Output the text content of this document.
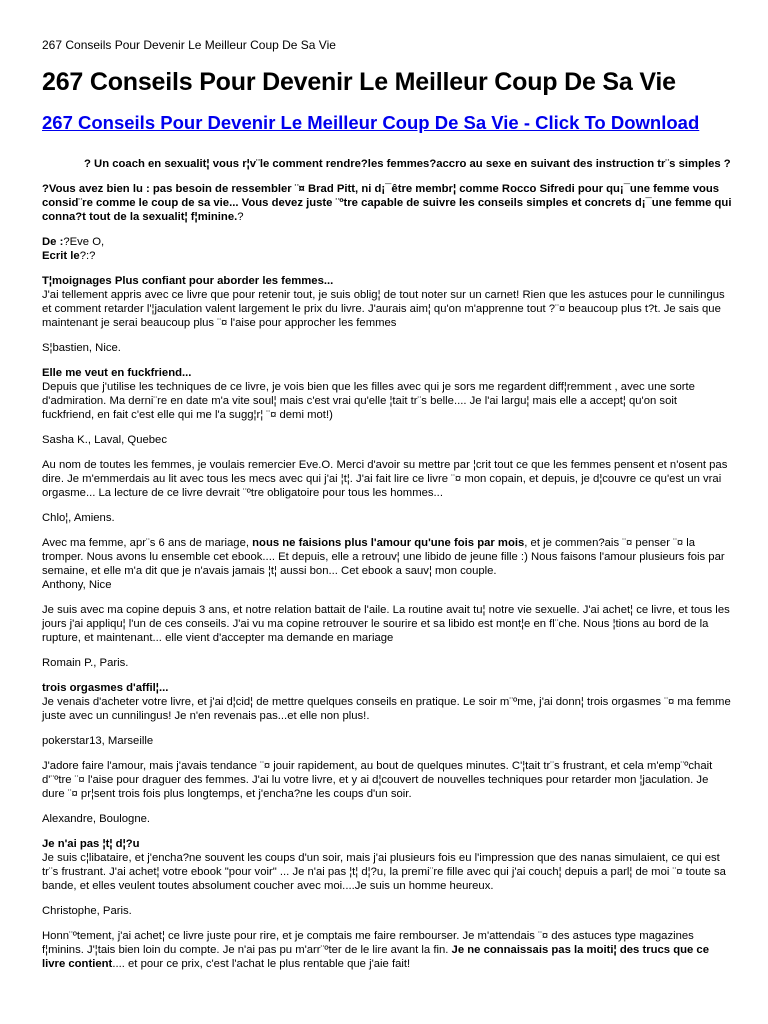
267 Conseils Pour Devenir Le Meilleur Coup De Sa Vie

267 Conseils Pour Devenir Le Meilleur Coup De Sa Vie
267 Conseils Pour Devenir Le Meilleur Coup De Sa Vie - Click To Download

? Un coach en sexualit¦ vous r¦v¨le comment rendre?les femmes?accro au sexe en suivant des instruction tr¨s simples ?

?Vous avez bien lu : pas besoin de ressembler ¨¤ Brad Pitt, ni d¡¯être membr¦ comme Rocco Sifredi pour qu¡¯une femme vous consid¨re comme le coup de sa vie... Vous devez juste ¨ºtre capable de suivre les conseils simples et concrets d¡¯une femme qui conna?t tout de la sexualit¦ f¦minine.?

De :?Eve O,

Ecrit le?:?

T¦moignages Plus confiant pour aborder les femmes...

J'ai tellement appris avec ce livre que pour retenir tout, je suis oblig¦ de tout noter sur un carnet! Rien que les astuces pour le cunnilingus et comment retarder l'¦jaculation valent largement le prix du livre. J'aurais aim¦ qu'on m'apprenne tout ?¨¤ beaucoup plus t?t. Je sais que maintenant je serai beaucoup plus ¨¤ l'aise pour approcher les femmes

S¦bastien, Nice.

Elle me veut en fuckfriend...

Depuis que j'utilise les techniques de ce livre, je vois bien que les filles avec qui je sors me regardent diff¦remment , avec une sorte d'admiration. Ma derni¨re en date m'a vite soul¦ mais c'est vrai qu'elle ¦tait tr¨s belle.... Je l'ai largu¦ mais elle a accept¦ qu'on soit fuckfriend, en fait c'est elle qui me l'a sugg¦r¦ ¨¤ demi mot!)

Sasha K., Laval, Quebec

Au nom de toutes les femmes, je voulais remercier Eve.O. Merci d'avoir su mettre par ¦crit tout ce que les femmes pensent et n'osent pas dire. Je m'emmerdais au lit avec tous les mecs avec qui j'ai ¦t¦. J'ai fait lire ce livre ¨¤ mon copain, et depuis, je d¦couvre ce qu'est un vrai orgasme... La lecture de ce livre devrait ¨ºtre obligatoire pour tous les hommes...

Chlo¦, Amiens.

Avec ma femme, apr¨s 6 ans de mariage, nous ne faisions plus l'amour qu'une fois par mois, et je commen?ais ¨¤ penser ¨¤ la tromper. Nous avons lu ensemble cet ebook.... Et depuis, elle a retrouv¦ une libido de jeune fille :) Nous faisons l'amour plusieurs fois par semaine, et elle m'a dit que je n'avais jamais ¦t¦ aussi bon... Cet ebook a sauv¦ mon couple.

Anthony, Nice

Je suis avec ma copine depuis 3 ans, et notre relation battait de l'aile. La routine avait tu¦ notre vie sexuelle. J'ai achet¦ ce livre, et tous les jours j'ai appliqu¦ l'un de ces conseils. J'ai vu ma copine retrouver le sourire et sa libido est mont¦e en fl¨che. Nous ¦tions au bord de la rupture, et maintenant... elle vient d'accepter ma demande en mariage

Romain P., Paris.

trois orgasmes d'affil¦...

Je venais d'acheter votre livre, et j'ai d¦cid¦ de mettre quelques conseils en pratique. Le soir m¨ºme, j'ai donn¦ trois orgasmes ¨¤ ma femme juste avec un cunnilingus! Je n'en revenais pas...et elle non plus!.

pokerstar13, Marseille

J'adore faire l'amour, mais j'avais tendance ¨¤ jouir rapidement, au bout de quelques minutes. C'¦tait tr¨s frustrant, et cela m'emp¨ºchait d'¨ºtre ¨¤ l'aise pour draguer des femmes. J'ai lu votre livre, et y ai d¦couvert de nouvelles techniques pour retarder mon ¦jaculation. Je dure ¨¤ pr¦sent trois fois plus longtemps, et j'encha?ne les coups d'un soir.

Alexandre, Boulogne.

Je n'ai pas ¦t¦ d¦?u

Je suis c¦libataire, et j'encha?ne souvent les coups d'un soir, mais j'ai plusieurs fois eu l'impression que des nanas simulaient, ce qui est tr¨s frustrant. J'ai achet¦ votre ebook "pour voir" ... Je n'ai pas ¦t¦ d¦?u, la premi¨re fille avec qui j'ai couch¦ depuis a parl¦ de moi ¨¤ toute sa bande, et elles veulent toutes absolument coucher avec moi....Je suis un homme heureux.

Christophe, Paris.

Honn¨ºtement, j'ai achet¦ ce livre juste pour rire, et je comptais me faire rembourser. Je m'attendais ¨¤ des astuces type magazines f¦minins. J'¦tais bien loin du compte. Je n'ai pas pu m'arr¨ºter de le lire avant la fin. Je ne connaissais pas la moiti¦ des trucs que ce livre contient.... et pour ce prix, c'est l'achat le plus rentable que j'aie fait!
